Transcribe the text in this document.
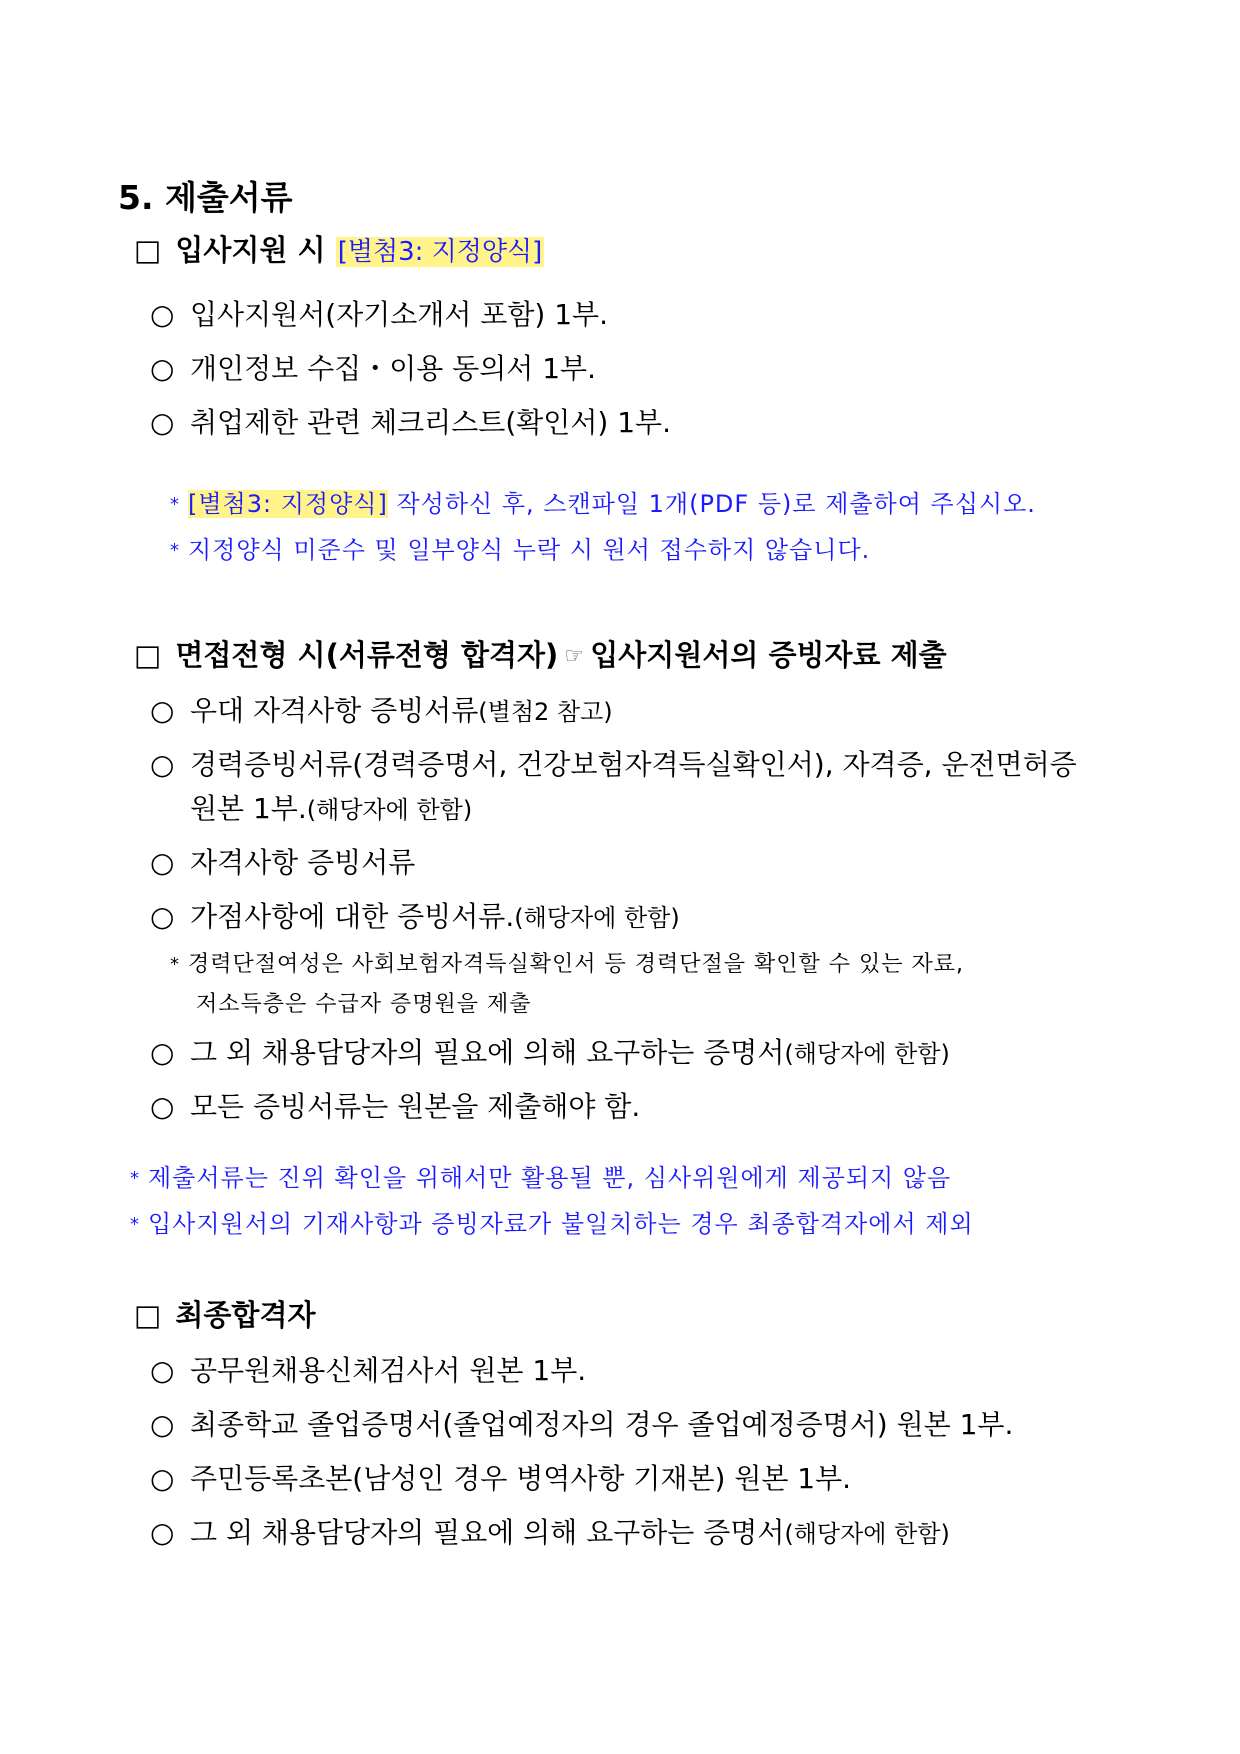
5. 제출서류
□ 입사지원 시 [별첨3: 지정양식]
○ 입사지원서(자기소개서 포함) 1부.
○ 개인정보 수집・이용 동의서 1부.
○ 취업제한 관련 체크리스트(확인서) 1부.
* [별첨3: 지정양식] 작성하신 후, 스캔파일 1개(PDF 등)로 제출하여 주십시오.
* 지정양식 미준수 및 일부양식 누락 시 원서 접수하지 않습니다.
□ 면접전형 시(서류전형 합격자) ☞ 입사지원서의 증빙자료 제출
○ 우대 자격사항 증빙서류(별첨2 참고)
○ 경력증빙서류(경력증명서, 건강보험자격득실확인서), 자격증, 운전면허증
원본 1부.(해당자에 한함)
○ 자격사항 증빙서류
○ 가점사항에 대한 증빙서류.(해당자에 한함)
* 경력단절여성은 사회보험자격득실확인서 등 경력단절을 확인할 수 있는 자료,
저소득층은 수급자 증명원을 제출
○ 그 외 채용담당자의 필요에 의해 요구하는 증명서(해당자에 한함)
○ 모든 증빙서류는 원본을 제출해야 함.
* 제출서류는 진위 확인을 위해서만 활용될 뿐, 심사위원에게 제공되지 않음
* 입사지원서의 기재사항과 증빙자료가 불일치하는 경우 최종합격자에서 제외
□ 최종합격자
○ 공무원채용신체검사서 원본 1부.
○ 최종학교 졸업증명서(졸업예정자의 경우 졸업예정증명서) 원본 1부.
○ 주민등록초본(남성인 경우 병역사항 기재본) 원본 1부.
○ 그 외 채용담당자의 필요에 의해 요구하는 증명서(해당자에 한함)
